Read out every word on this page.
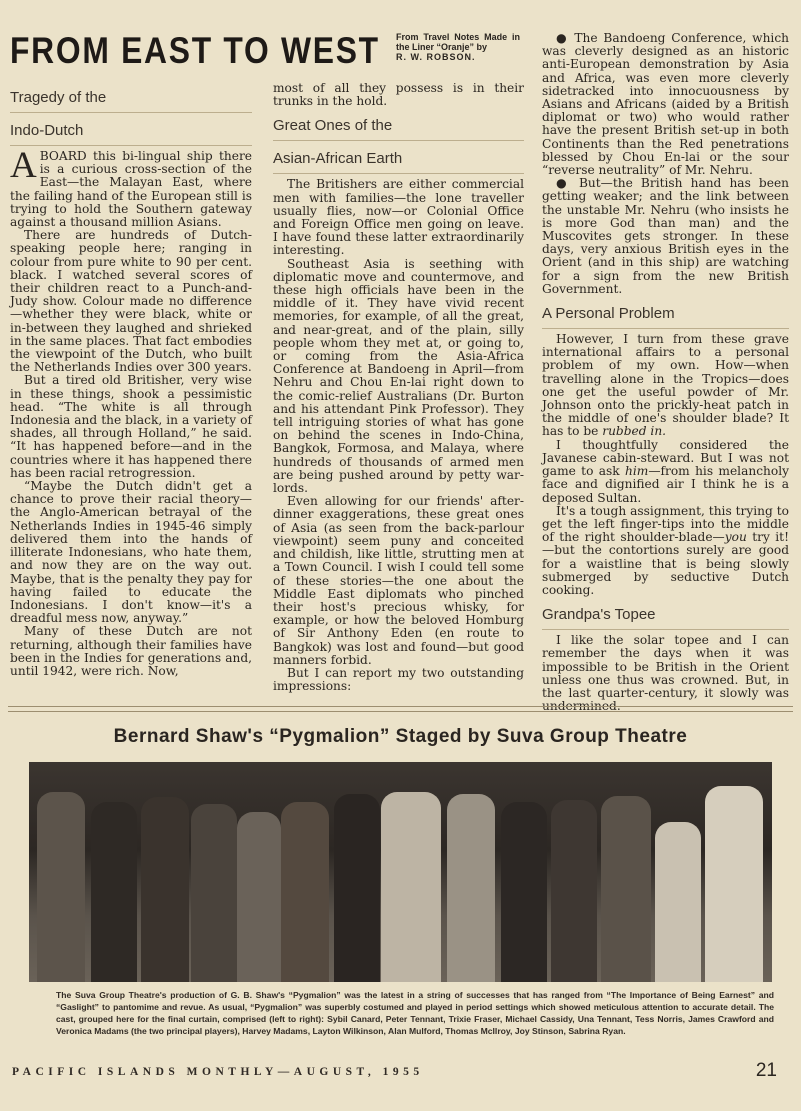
FROM EAST TO WEST From Travel Notes Made in the Liner “Oranje” by
R. W. ROBSON.
Tragedy of the
Indo-Dutch

ABOARD this bi-lingual ship there is a curious cross-section of the East—the Malayan East, where the failing hand of the European still is trying to hold the Southern gateway against a thousand million Asians.

There are hundreds of Dutch-speaking people here; ranging in colour from pure white to 90 per cent. black. I watched several scores of their children react to a Punch-and-Judy show. Colour made no difference—whether they were black, white or in-between they laughed and shrieked in the same places. That fact embodies the viewpoint of the Dutch, who built the Netherlands Indies over 300 years.

But a tired old Britisher, very wise in these things, shook a pessimistic head. “The white is all through Indonesia and the black, in a variety of shades, all through Holland,” he said. “It has happened before—and in the countries where it has happened there has been racial retrogression.

“Maybe the Dutch didn't get a chance to prove their racial theory—the Anglo-American betrayal of the Netherlands Indies in 1945-46 simply delivered them into the hands of illiterate Indonesians, who hate them, and now they are on the way out. Maybe, that is the penalty they pay for having failed to educate the Indonesians. I don't know—it's a dreadful mess now, anyway.”

Many of these Dutch are not returning, although their families have been in the Indies for generations and, until 1942, were rich. Now,

most of all they possess is in their trunks in the hold.

Great Ones of the
Asian-African Earth

The Britishers are either commercial men with families—the lone traveller usually flies, now—or Colonial Office and Foreign Office men going on leave. I have found these latter extraordinarily interesting.

Southeast Asia is seething with diplomatic move and countermove, and these high officials have been in the middle of it. They have vivid recent memories, for example, of all the great, and near-great, and of the plain, silly people whom they met at, or going to, or coming from the Asia-Africa Conference at Bandoeng in April—from Nehru and Chou En-lai right down to the comic-relief Australians (Dr. Burton and his attendant Pink Professor). They tell intriguing stories of what has gone on behind the scenes in Indo-China, Bangkok, Formosa, and Malaya, where hundreds of thousands of armed men are being pushed around by petty war-lords.

Even allowing for our friends' after-dinner exaggerations, these great ones of Asia (as seen from the back-parlour viewpoint) seem puny and conceited and childish, like little, strutting men at a Town Council. I wish I could tell some of these stories—the one about the Middle East diplomats who pinched their host's precious whisky, for example, or how the beloved Homburg of Sir Anthony Eden (en route to Bangkok) was lost and found—but good manners forbid.

But I can report my two outstanding impressions:

● The Bandoeng Conference, which was cleverly designed as an historic anti-European demonstration by Asia and Africa, was even more cleverly sidetracked into innocuousness by Asians and Africans (aided by a British diplomat or two) who would rather have the present British set-up in both Continents than the Red penetrations blessed by Chou En-lai or the sour “reverse neutrality” of Mr. Nehru.

● But—the British hand has been getting weaker; and the link between the unstable Mr. Nehru (who insists he is more God than man) and the Muscovites gets stronger. In these days, very anxious British eyes in the Orient (and in this ship) are watching for a sign from the new British Government.

A Personal Problem

However, I turn from these grave international affairs to a personal problem of my own. How—when travelling alone in the Tropics—does one get the useful powder of Mr. Johnson onto the prickly-heat patch in the middle of one's shoulder blade? It has to be rubbed in.

I thoughtfully considered the Javanese cabin-steward. But I was not game to ask him—from his melancholy face and dignified air I think he is a deposed Sultan.

It's a tough assignment, this trying to get the left finger-tips into the middle of the right shoulder-blade—you try it!—but the contortions surely are good for a waistline that is being slowly submerged by seductive Dutch cooking.

Grandpa's Topee

I like the solar topee and I can remember the days when it was impossible to be British in the Orient unless one thus was crowned. But, in the last quarter-century, it slowly was undermined.

Bernard Shaw's “Pygmalion” Staged by Suva Group Theatre
The Suva Group Theatre's production of G. B. Shaw's “Pygmalion” was the latest in a string of successes that has ranged from “The Importance of Being Earnest” and “Gaslight” to pantomime and revue. As usual, “Pygmalion” was superbly costumed and played in period settings which showed meticulous attention to accurate detail. The cast, grouped here for the final curtain, comprised (left to right): Sybil Canard, Peter Tennant, Trixie Fraser, Michael Cassidy, Una Tennant, Tess Norris, James Crawford and Veronica Madams (the two principal players), Harvey Madams, Layton Wilkinson, Alan Mulford, Thomas McIlroy, Joy Stinson, Sabrina Ryan.
PACIFIC ISLANDS MONTHLY—AUGUST, 1955	21
